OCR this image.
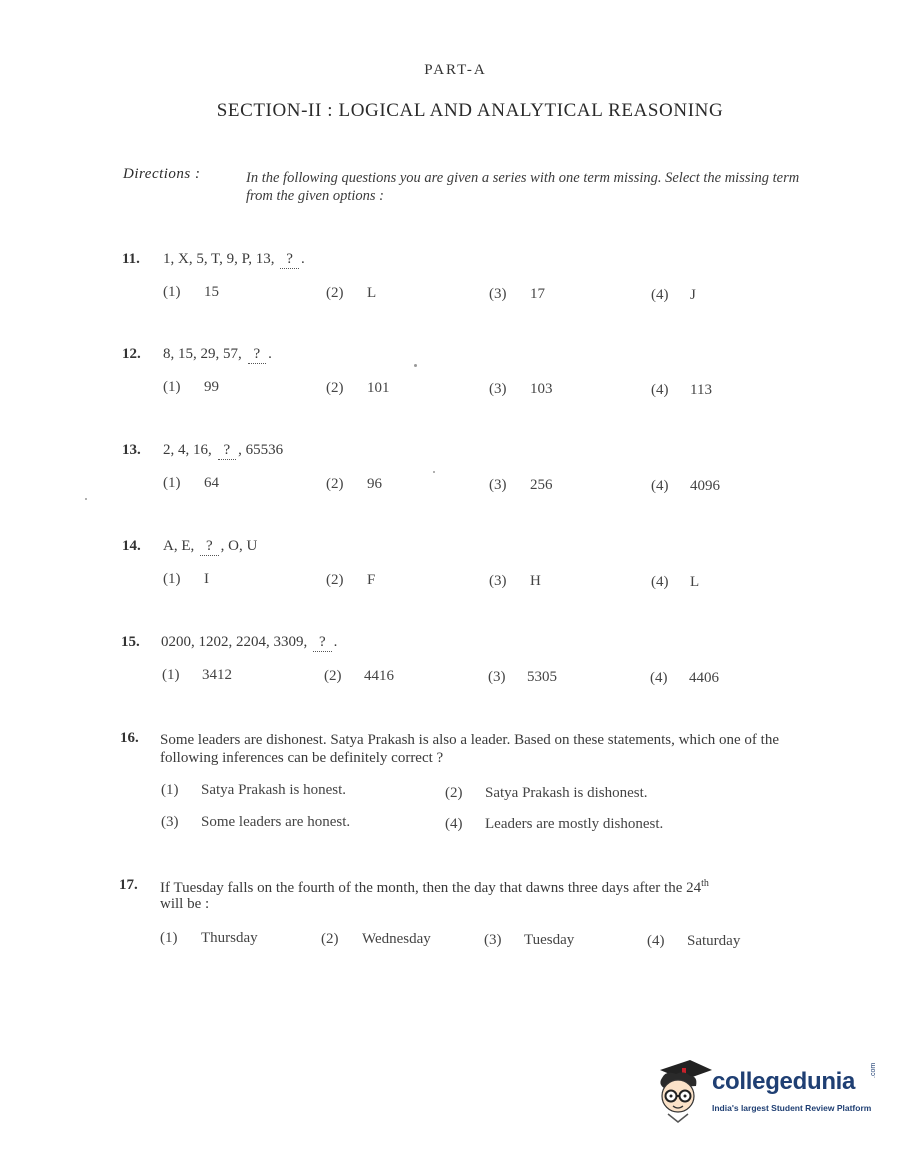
PART-A
SECTION-II : LOGICAL AND ANALYTICAL REASONING
Directions :	In the following questions you are given a series with one term missing. Select the missing term from the given options :
11. 1, X, 5, T, 9, P, 13, ? .
(1) 15	(2) L	(3) 17	(4) J
12. 8, 15, 29, 57, ? .
(1) 99	(2) 101	(3) 103	(4) 113
13. 2, 4, 16, ? , 65536
(1) 64	(2) 96	(3) 256	(4) 4096
14. A, E, ? , O, U
(1) I	(2) F	(3) H	(4) L
15. 0200, 1202, 2204, 3309, ? .
(1) 3412	(2) 4416	(3) 5305	(4) 4406
16. Some leaders are dishonest. Satya Prakash is also a leader. Based on these statements, which one of the following inferences can be definitely correct ?
(1) Satya Prakash is honest.	(2) Satya Prakash is dishonest.
(3) Some leaders are honest.	(4) Leaders are mostly dishonest.
17. If Tuesday falls on the fourth of the month, then the day that dawns three days after the 24th
will be :
(1) Thursday	(2) Wednesday	(3) Tuesday	(4) Saturday
collegedunia .com
India's largest Student Review Platform
